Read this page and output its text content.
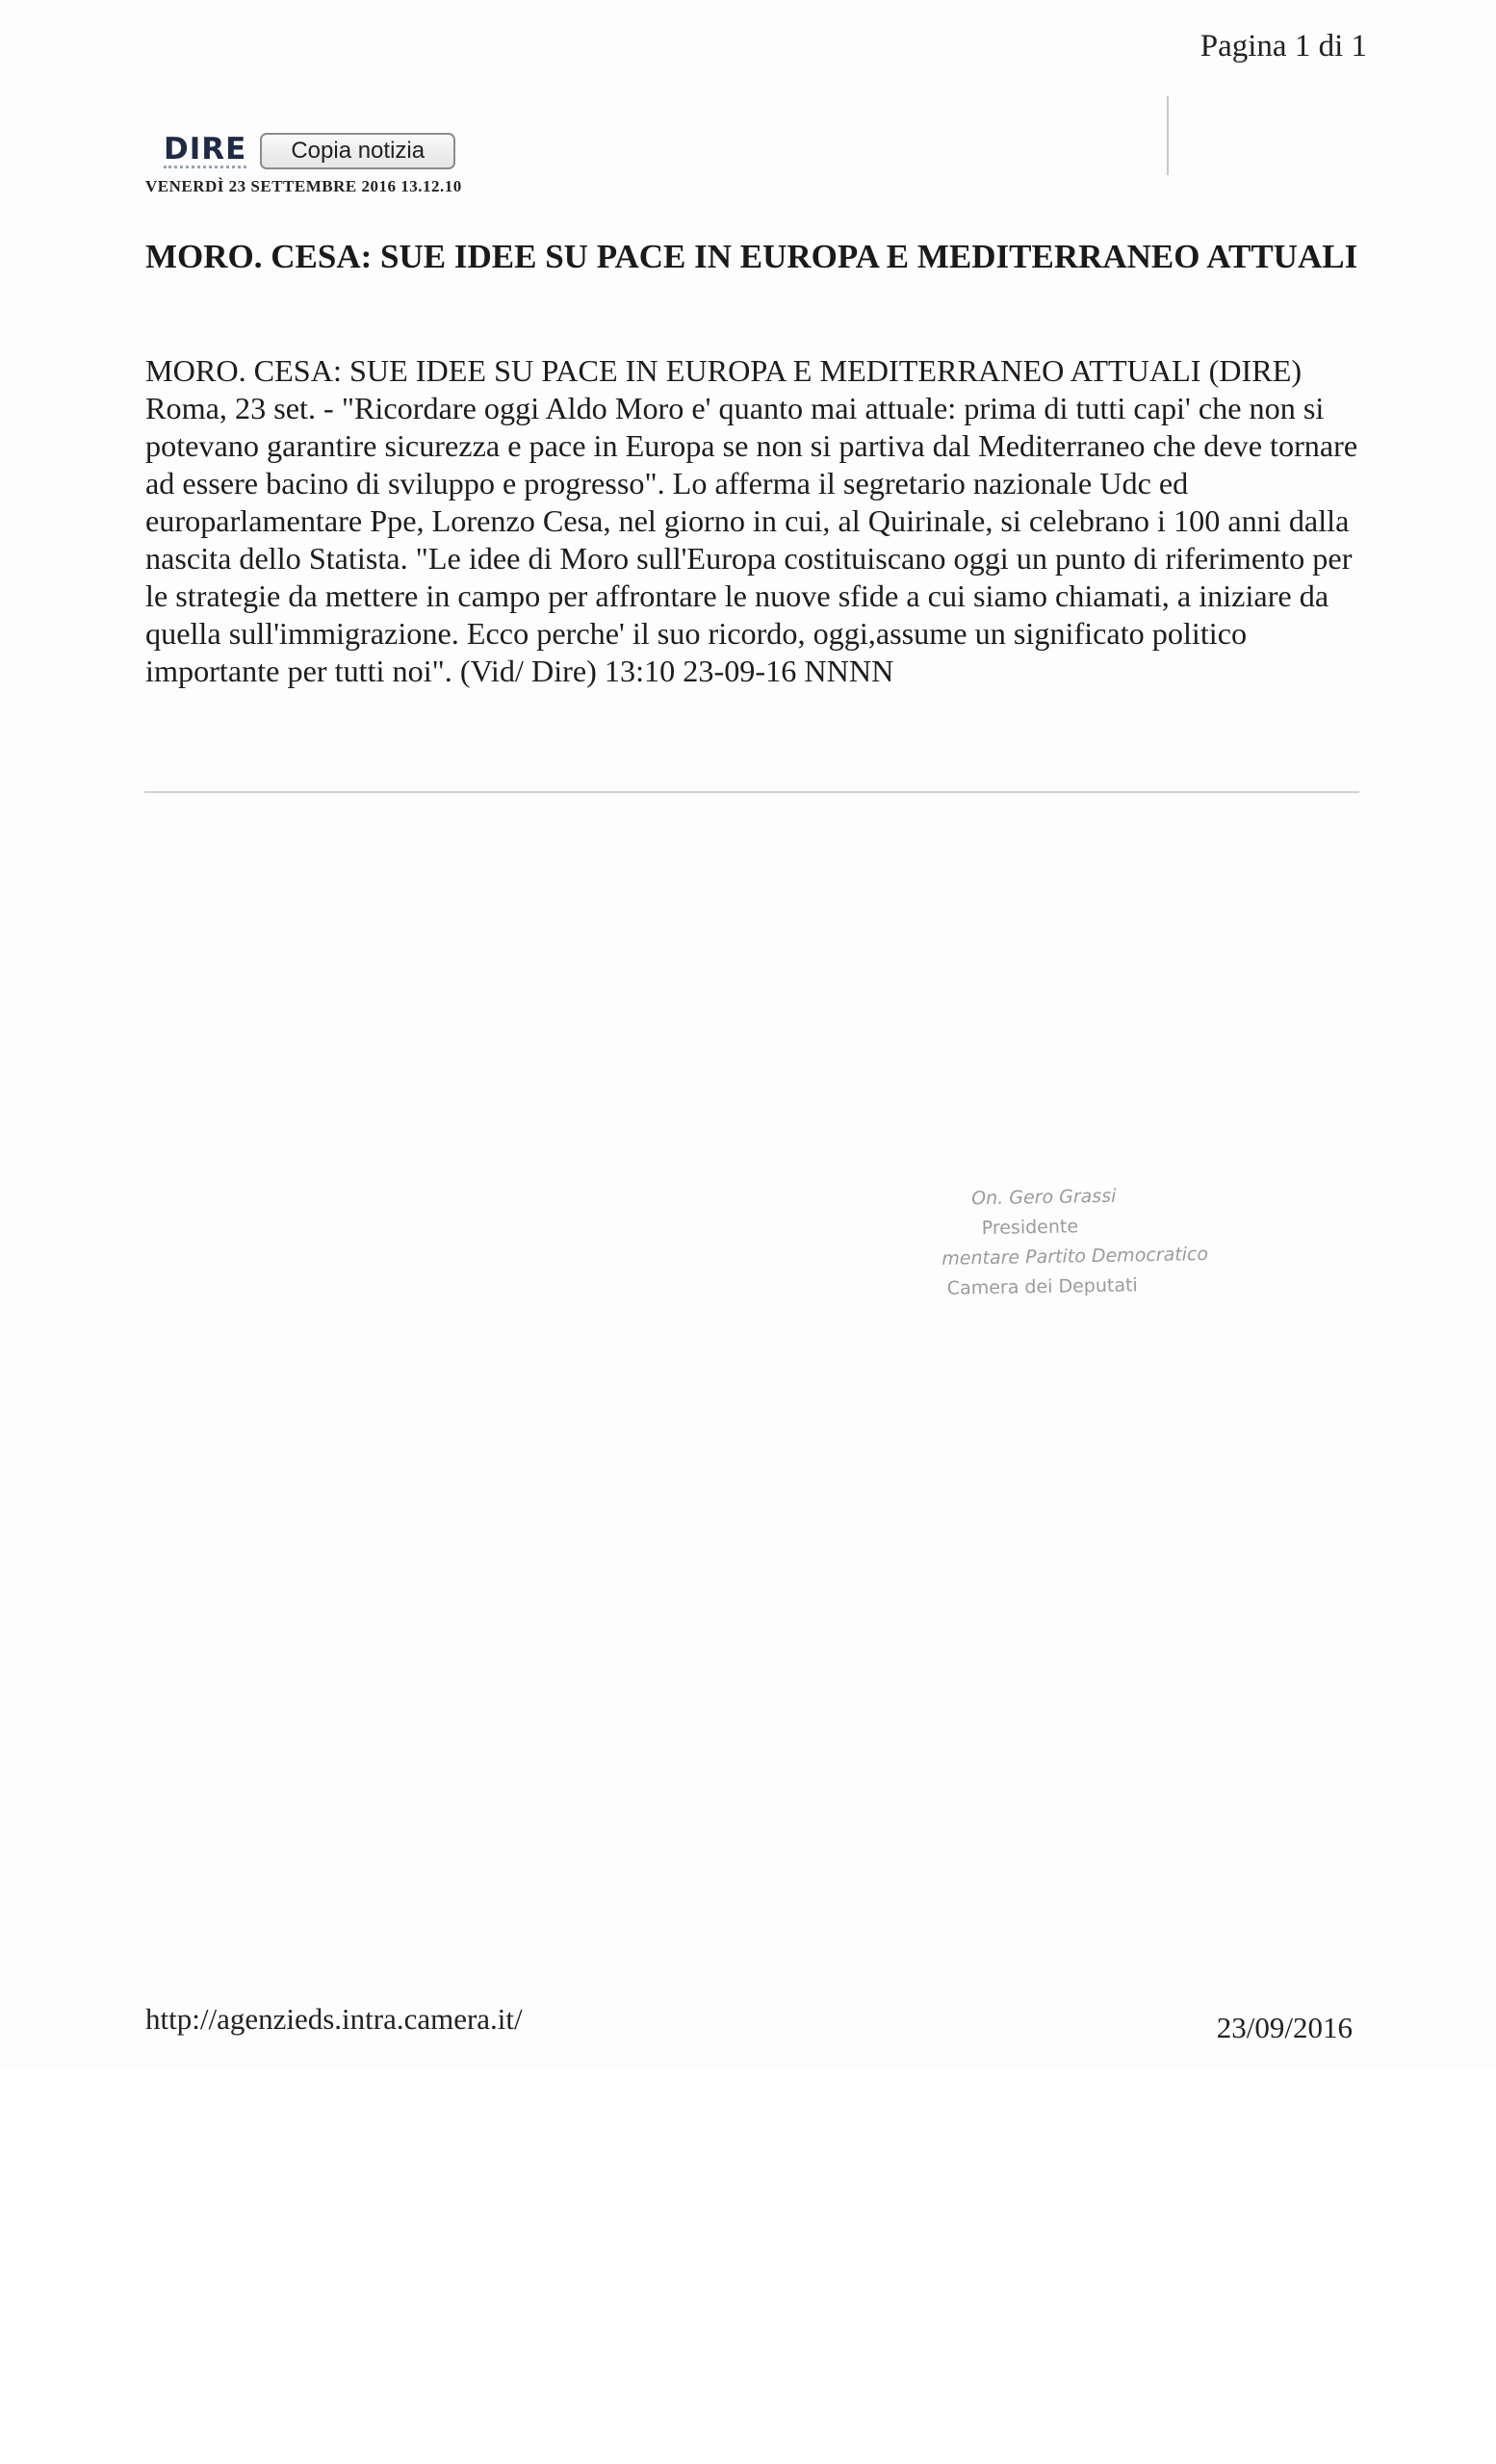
Pagina 1 di 1
DIRE	Copia notizia
VENERDÌ 23 SETTEMBRE 2016 13.12.10
MORO. CESA: SUE IDEE SU PACE IN EUROPA E MEDITERRANEO ATTUALI

MORO. CESA: SUE IDEE SU PACE IN EUROPA E MEDITERRANEO ATTUALI (DIRE) Roma, 23 set. - "Ricordare oggi Aldo Moro e' quanto mai attuale: prima di tutti capi' che non si potevano garantire sicurezza e pace in Europa se non si partiva dal Mediterraneo che deve tornare ad essere bacino di sviluppo e progresso". Lo afferma il segretario nazionale Udc ed europarlamentare Ppe, Lorenzo Cesa, nel giorno in cui, al Quirinale, si celebrano i 100 anni dalla nascita dello Statista. "Le idee di Moro sull'Europa costituiscano oggi un punto di riferimento per le strategie da mettere in campo per affrontare le nuove sfide a cui siamo chiamati, a iniziare da quella sull'immigrazione. Ecco perche' il suo ricordo, oggi,assume un significato politico importante per tutti noi". (Vid/ Dire) 13:10 23-09-16 NNNN

On. Gero Grassi
Presidente
mentare Partito Democratico
Camera dei Deputati
http://agenzieds.intra.camera.it/	23/09/2016
